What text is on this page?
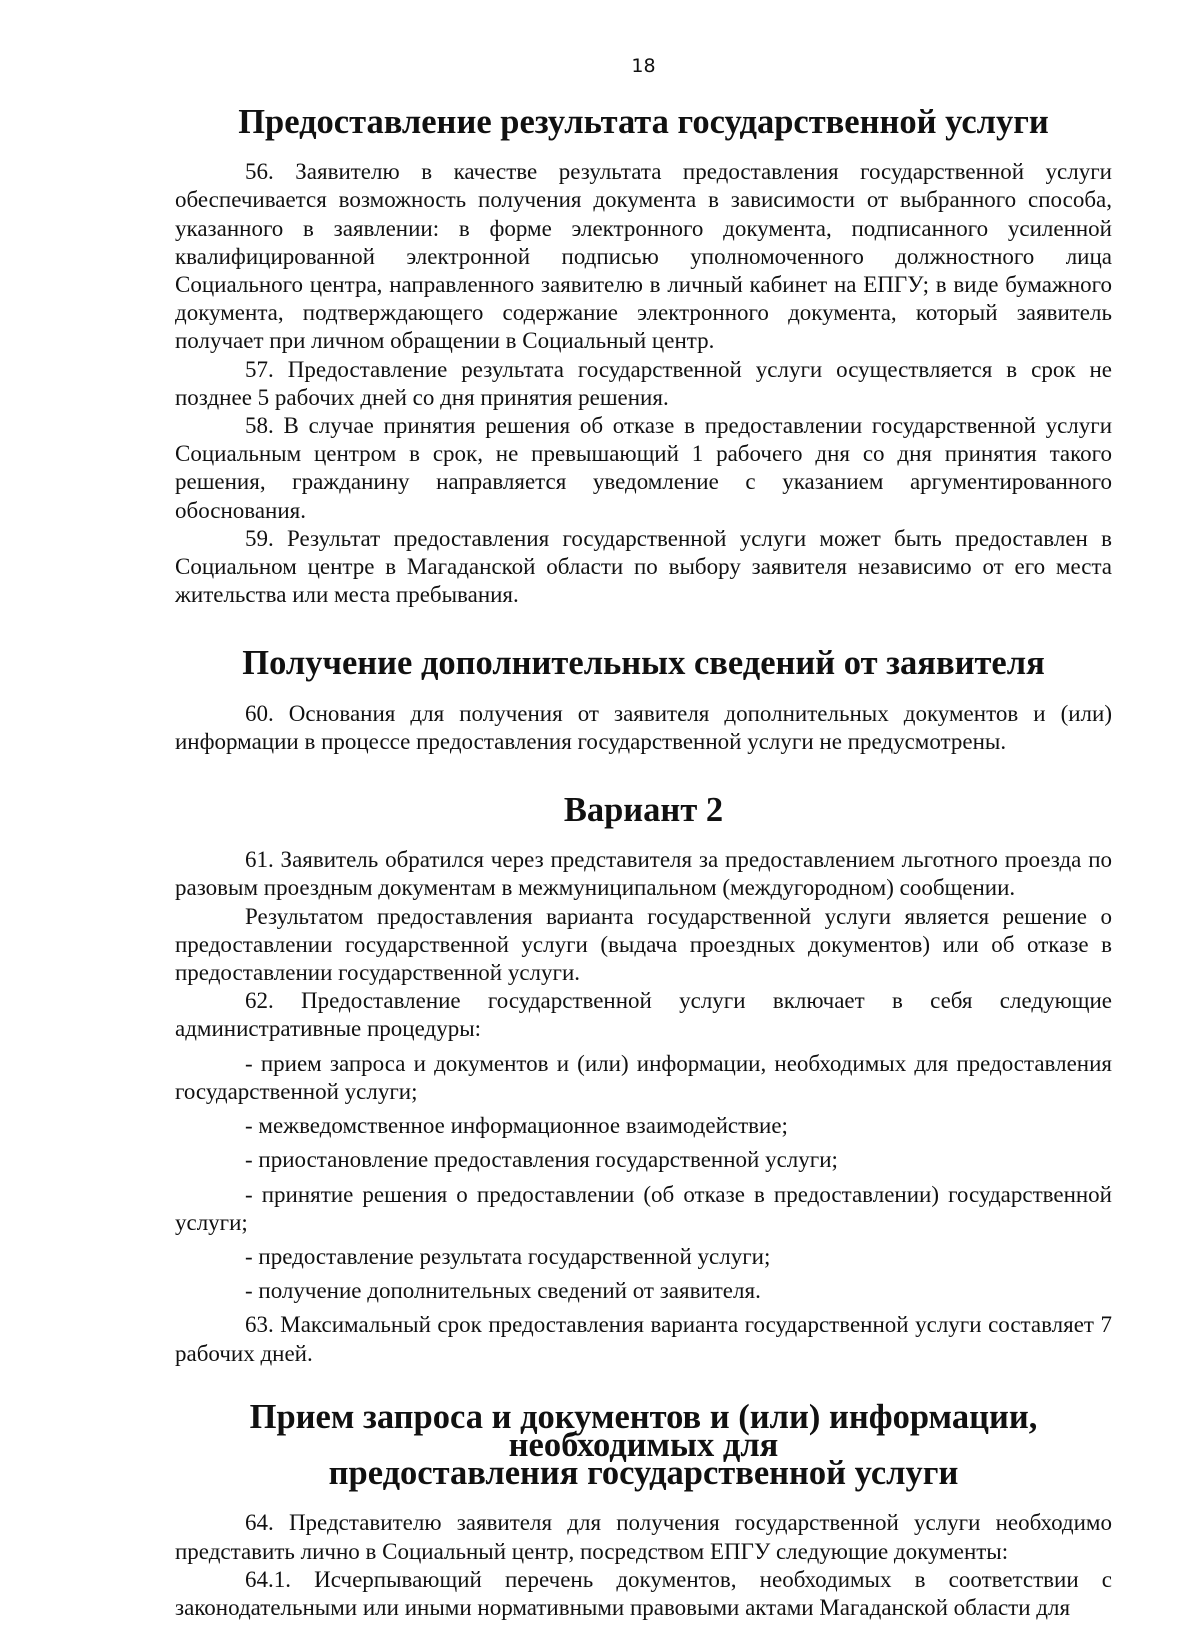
18
Предоставление результата государственной услуги

56. Заявителю в качестве результата предоставления государственной услуги обеспечивается возможность получения документа в зависимости от выбранного способа, указанного в заявлении: в форме электронного документа, подписанного усиленной квалифицированной электронной подписью уполномоченного должностного лица Социального центра, направленного заявителю в личный кабинет на ЕПГУ; в виде бумажного документа, подтверждающего содержание электронного документа, который заявитель получает при личном обращении в Социальный центр.

57. Предоставление результата государственной услуги осуществляется в срок не позднее 5 рабочих дней со дня принятия решения.

58. В случае принятия решения об отказе в предоставлении государственной услуги Социальным центром в срок, не превышающий 1 рабочего дня со дня принятия такого решения, гражданину направляется уведомление с указанием аргументированного обоснования.

59. Результат предоставления государственной услуги может быть предоставлен в Социальном центре в Магаданской области по выбору заявителя независимо от его места жительства или места пребывания.

Получение дополнительных сведений от заявителя

60. Основания для получения от заявителя дополнительных документов и (или) информации в процессе предоставления государственной услуги не предусмотрены.

Вариант 2

61. Заявитель обратился через представителя за предоставлением льготного проезда по разовым проездным документам в межмуниципальном (междугородном) сообщении.

Результатом предоставления варианта государственной услуги является решение о предоставлении государственной услуги (выдача проездных документов) или об отказе в предоставлении государственной услуги.

62. Предоставление государственной услуги включает в себя следующие административные процедуры:

- прием запроса и документов и (или) информации, необходимых для предоставления государственной услуги;

- межведомственное информационное взаимодействие;

- приостановление предоставления государственной услуги;

- принятие решения о предоставлении (об отказе в предоставлении) государственной услуги;

- предоставление результата государственной услуги;

- получение дополнительных сведений от заявителя.

63. Максимальный срок предоставления варианта государственной услуги составляет 7 рабочих дней.

Прием запроса и документов и (или) информации, необходимых для
предоставления государственной услуги

64. Представителю заявителя для получения государственной услуги необходимо представить лично в Социальный центр, посредством ЕПГУ следующие документы:

64.1. Исчерпывающий перечень документов, необходимых в соответствии с законодательными или иными нормативными правовыми актами Магаданской области для
